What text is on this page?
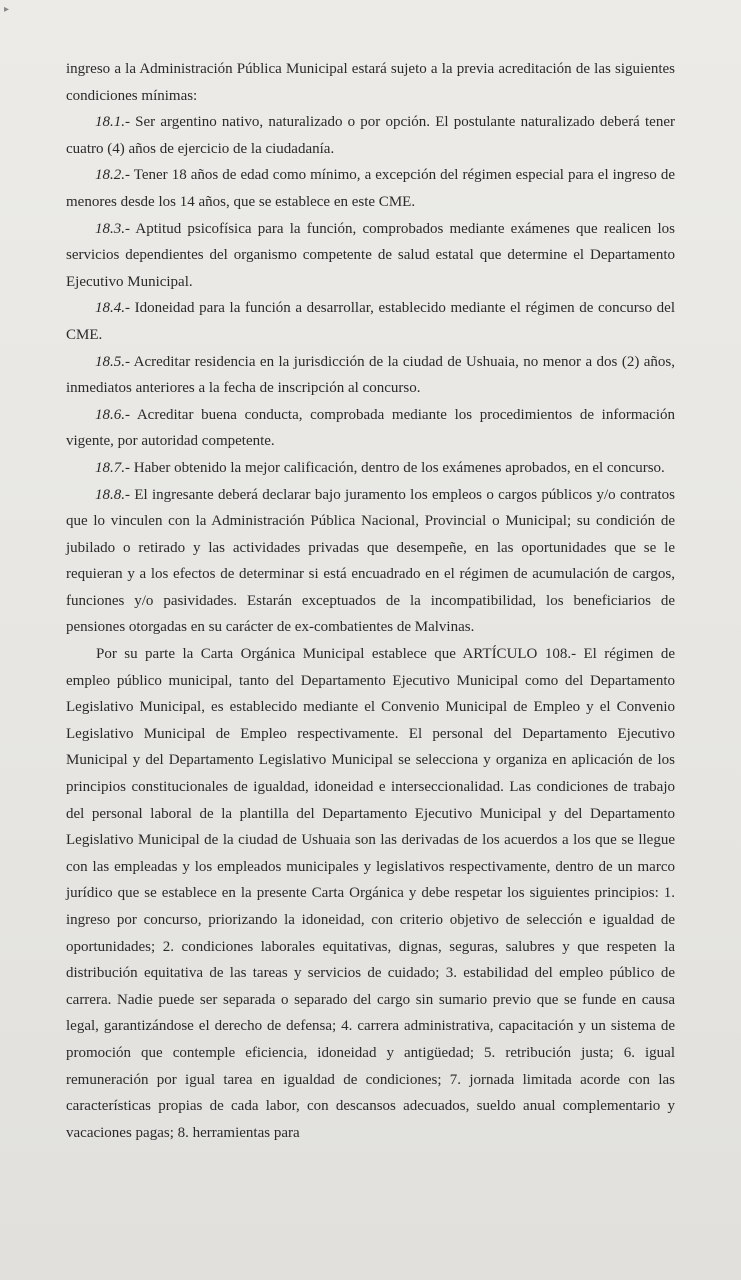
▸

ingreso a la Administración Pública Municipal estará sujeto a la previa acreditación de las siguientes condiciones mínimas:

18.1.- Ser argentino nativo, naturalizado o por opción. El postulante naturalizado deberá tener cuatro (4) años de ejercicio de la ciudadanía.

18.2.- Tener 18 años de edad como mínimo, a excepción del régimen especial para el ingreso de menores desde los 14 años, que se establece en este CME.

18.3.- Aptitud psicofísica para la función, comprobados mediante exámenes que realicen los servicios dependientes del organismo competente de salud estatal que determine el Departamento Ejecutivo Municipal.

18.4.- Idoneidad para la función a desarrollar, establecido mediante el régimen de concurso del CME.

18.5.- Acreditar residencia en la jurisdicción de la ciudad de Ushuaia, no menor a dos (2) años, inmediatos anteriores a la fecha de inscripción al concurso.

18.6.- Acreditar buena conducta, comprobada mediante los procedimientos de información vigente, por autoridad competente.

18.7.- Haber obtenido la mejor calificación, dentro de los exámenes aprobados, en el concurso.

18.8.- El ingresante deberá declarar bajo juramento los empleos o cargos públicos y/o contratos que lo vinculen con la Administración Pública Nacional, Provincial o Municipal; su condición de jubilado o retirado y las actividades privadas que desempeñe, en las oportunidades que se le requieran y a los efectos de determinar si está encuadrado en el régimen de acumulación de cargos, funciones y/o pasividades. Estarán exceptuados de la incompatibilidad, los beneficiarios de pensiones otorgadas en su carácter de ex-combatientes de Malvinas.

Por su parte la Carta Orgánica Municipal establece que ARTÍCULO 108.- El régimen de empleo público municipal, tanto del Departamento Ejecutivo Municipal como del Departamento Legislativo Municipal, es establecido mediante el Convenio Municipal de Empleo y el Convenio Legislativo Municipal de Empleo respectivamente. El personal del Departamento Ejecutivo Municipal y del Departamento Legislativo Municipal se selecciona y organiza en aplicación de los principios constitucionales de igualdad, idoneidad e interseccionalidad. Las condiciones de trabajo del personal laboral de la plantilla del Departamento Ejecutivo Municipal y del Departamento Legislativo Municipal de la ciudad de Ushuaia son las derivadas de los acuerdos a los que se llegue con las empleadas y los empleados municipales y legislativos respectivamente, dentro de un marco jurídico que se establece en la presente Carta Orgánica y debe respetar los siguientes principios: 1. ingreso por concurso, priorizando la idoneidad, con criterio objetivo de selección e igualdad de oportunidades; 2. condiciones laborales equitativas, dignas, seguras, salubres y que respeten la distribución equitativa de las tareas y servicios de cuidado; 3. estabilidad del empleo público de carrera. Nadie puede ser separada o separado del cargo sin sumario previo que se funde en causa legal, garantizándose el derecho de defensa; 4. carrera administrativa, capacitación y un sistema de promoción que contemple eficiencia, idoneidad y antigüedad; 5. retribución justa; 6. igual remuneración por igual tarea en igualdad de condiciones; 7. jornada limitada acorde con las características propias de cada labor, con descansos adecuados, sueldo anual complementario y vacaciones pagas; 8. herramientas para
